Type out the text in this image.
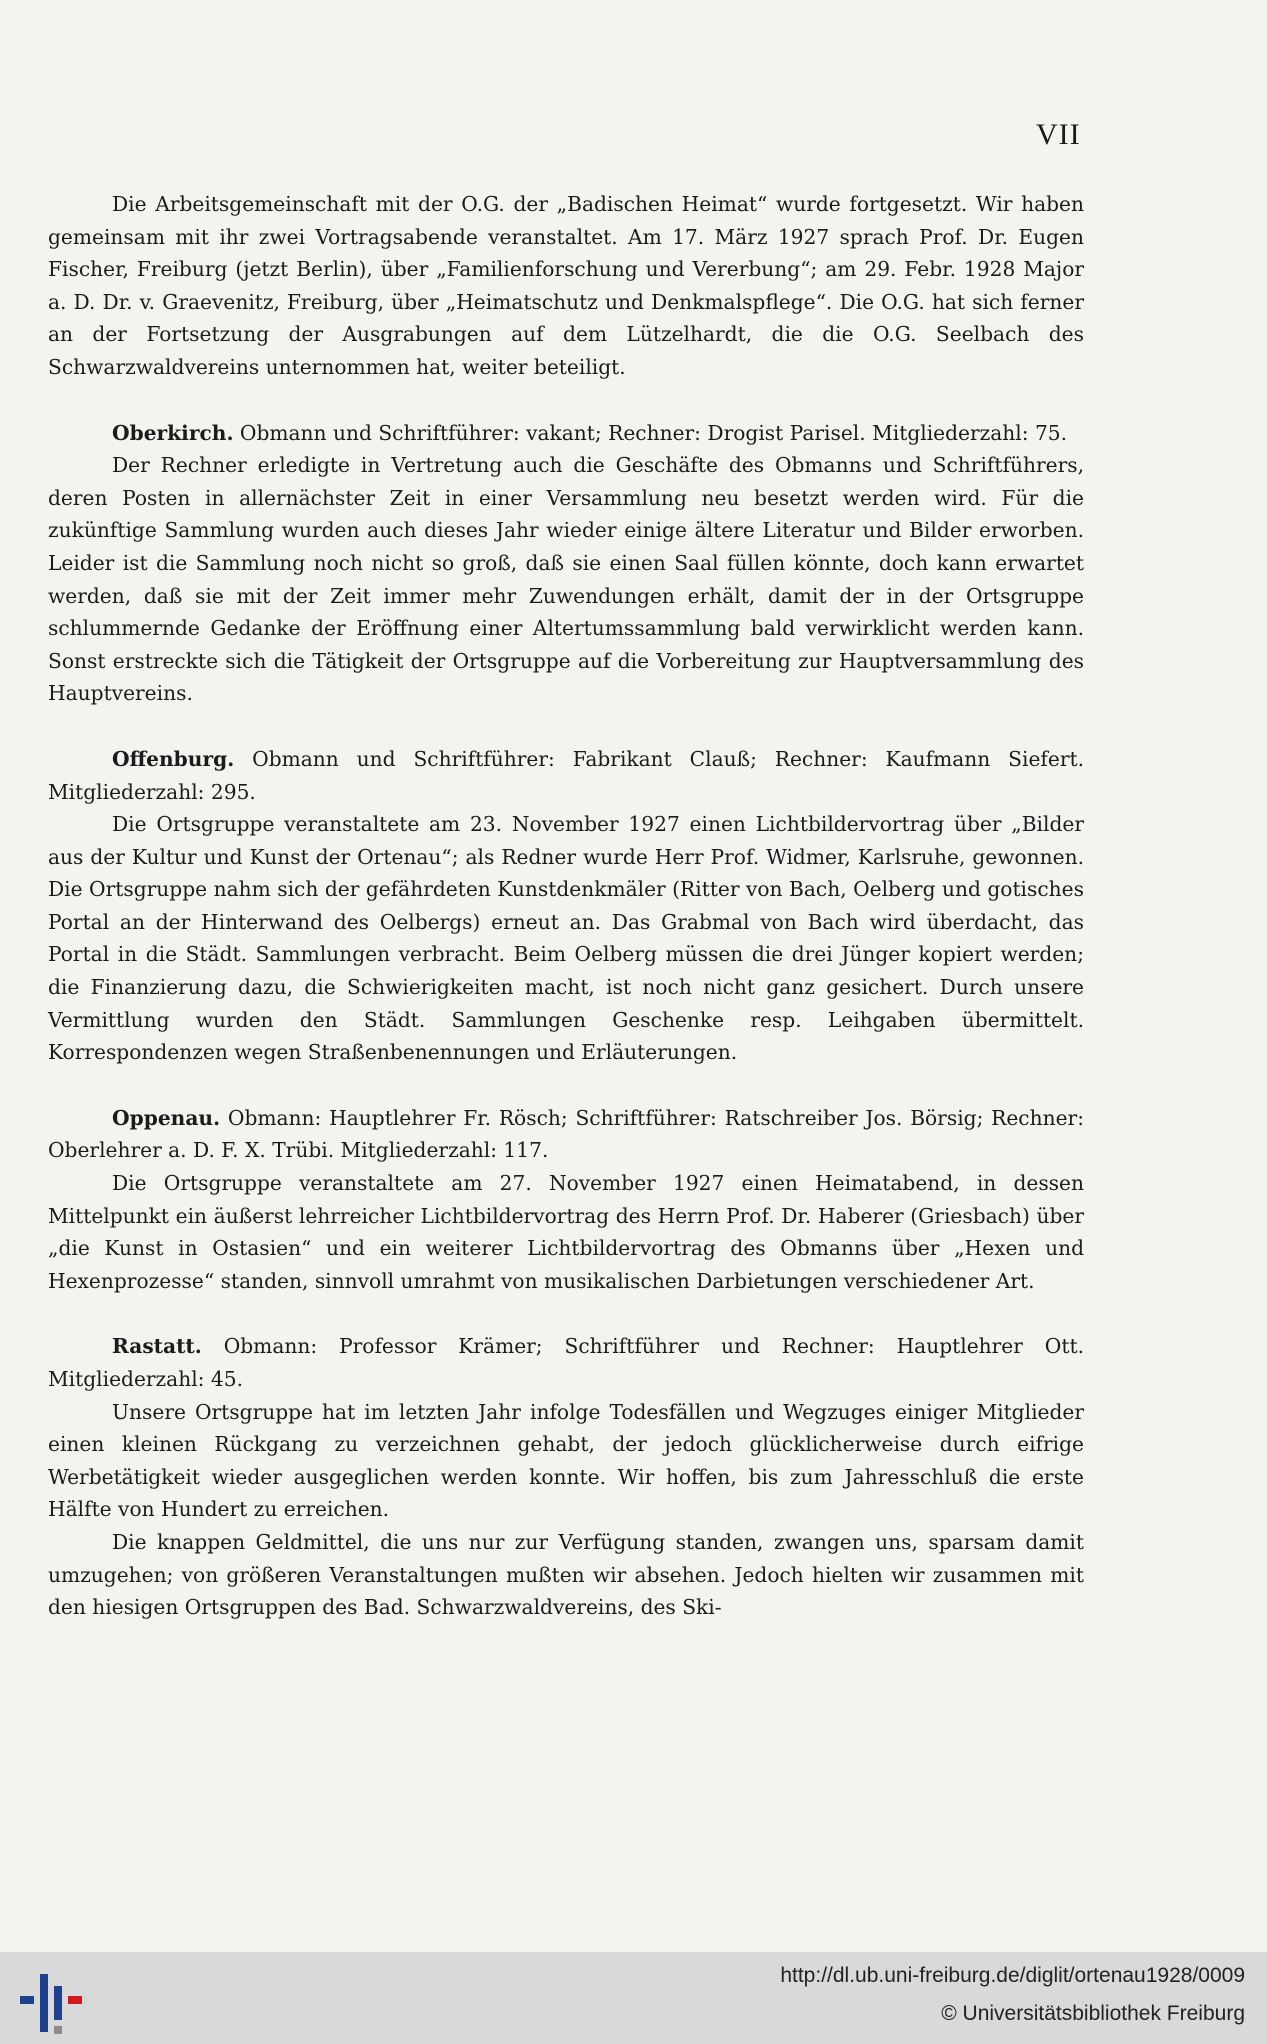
VII

Die Arbeitsgemeinschaft mit der O.G. der „Badischen Heimat“ wurde fortgesetzt. Wir haben gemeinsam mit ihr zwei Vortragsabende veranstaltet. Am 17. März 1927 sprach Prof. Dr. Eugen Fischer, Freiburg (jetzt Berlin), über „Familienforschung und Vererbung“; am 29. Febr. 1928 Major a. D. Dr. v. Graevenitz, Freiburg, über „Heimatschutz und Denkmalspflege“. Die O.G. hat sich ferner an der Fortsetzung der Ausgrabungen auf dem Lützelhardt, die die O.G. Seelbach des Schwarzwaldvereins unternommen hat, weiter beteiligt.

Oberkirch. Obmann und Schriftführer: vakant; Rechner: Drogist Parisel. Mitgliederzahl: 75.

Der Rechner erledigte in Vertretung auch die Geschäfte des Obmanns und Schriftführers, deren Posten in allernächster Zeit in einer Versammlung neu besetzt werden wird. Für die zukünftige Sammlung wurden auch dieses Jahr wieder einige ältere Literatur und Bilder erworben. Leider ist die Sammlung noch nicht so groß, daß sie einen Saal füllen könnte, doch kann erwartet werden, daß sie mit der Zeit immer mehr Zuwendungen erhält, damit der in der Ortsgruppe schlummernde Gedanke der Eröffnung einer Altertumssammlung bald verwirklicht werden kann. Sonst erstreckte sich die Tätigkeit der Ortsgruppe auf die Vorbereitung zur Hauptversammlung des Hauptvereins.

Offenburg. Obmann und Schriftführer: Fabrikant Clauß; Rechner: Kaufmann Siefert. Mitgliederzahl: 295.

Die Ortsgruppe veranstaltete am 23. November 1927 einen Lichtbildervortrag über „Bilder aus der Kultur und Kunst der Ortenau“; als Redner wurde Herr Prof. Widmer, Karlsruhe, gewonnen. Die Ortsgruppe nahm sich der gefährdeten Kunstdenkmäler (Ritter von Bach, Oelberg und gotisches Portal an der Hinterwand des Oelbergs) erneut an. Das Grabmal von Bach wird überdacht, das Portal in die Städt. Sammlungen verbracht. Beim Oelberg müssen die drei Jünger kopiert werden; die Finanzierung dazu, die Schwierigkeiten macht, ist noch nicht ganz gesichert. Durch unsere Vermittlung wurden den Städt. Sammlungen Geschenke resp. Leihgaben übermittelt. Korrespondenzen wegen Straßenbenennungen und Erläuterungen.

Oppenau. Obmann: Hauptlehrer Fr. Rösch; Schriftführer: Ratschreiber Jos. Börsig; Rechner: Oberlehrer a. D. F. X. Trübi. Mitgliederzahl: 117.

Die Ortsgruppe veranstaltete am 27. November 1927 einen Heimatabend, in dessen Mittelpunkt ein äußerst lehrreicher Lichtbildervortrag des Herrn Prof. Dr. Haberer (Griesbach) über „die Kunst in Ostasien“ und ein weiterer Lichtbildervortrag des Obmanns über „Hexen und Hexenprozesse“ standen, sinnvoll umrahmt von musikalischen Darbietungen verschiedener Art.

Rastatt. Obmann: Professor Krämer; Schriftführer und Rechner: Hauptlehrer Ott. Mitgliederzahl: 45.

Unsere Ortsgruppe hat im letzten Jahr infolge Todesfällen und Wegzuges einiger Mitglieder einen kleinen Rückgang zu verzeichnen gehabt, der jedoch glücklicherweise durch eifrige Werbetätigkeit wieder ausgeglichen werden konnte. Wir hoffen, bis zum Jahresschluß die erste Hälfte von Hundert zu erreichen.

Die knappen Geldmittel, die uns nur zur Verfügung standen, zwangen uns, sparsam damit umzugehen; von größeren Veranstaltungen mußten wir absehen. Jedoch hielten wir zusammen mit den hiesigen Ortsgruppen des Bad. Schwarzwaldvereins, des Ski-

http://dl.ub.uni-freiburg.de/diglit/ortenau1928/0009
© Universitätsbibliothek Freiburg
